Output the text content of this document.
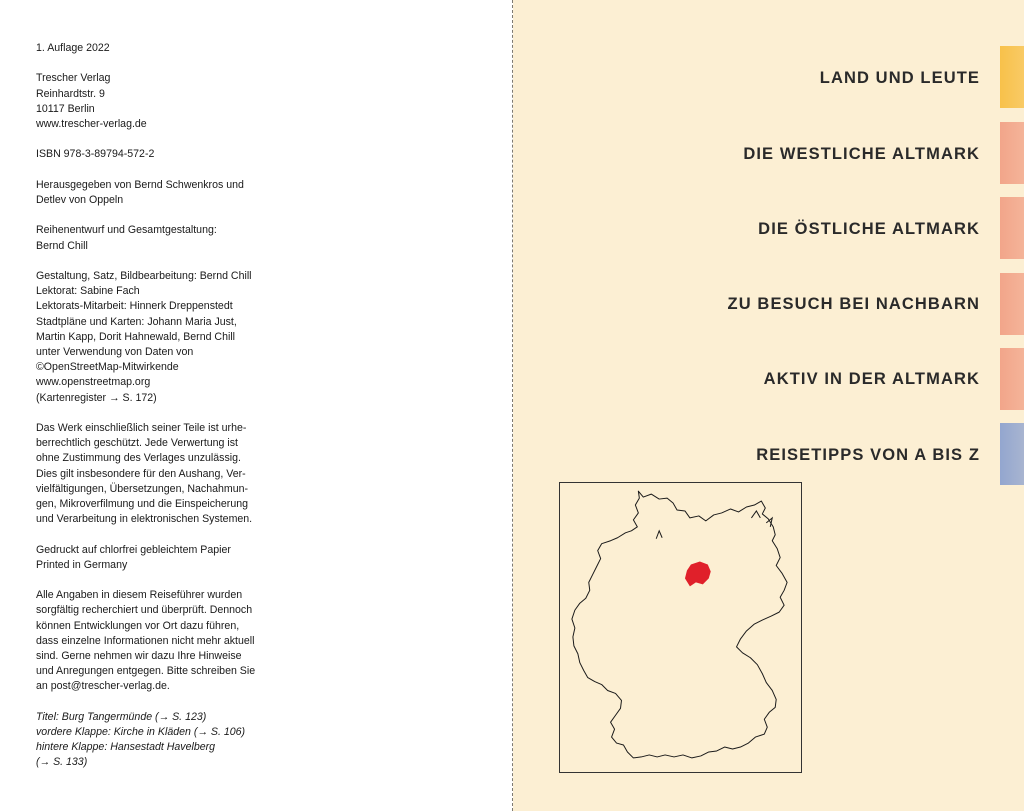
1. Auflage 2022

Trescher Verlag
Reinhardtstr. 9
10117 Berlin
www.trescher-verlag.de

ISBN 978-3-89794-572-2

Herausgegeben von Bernd Schwenkros und
Detlev von Oppeln

Reihenentwurf und Gesamtgestaltung:
Bernd Chill

Gestaltung, Satz, Bildbearbeitung: Bernd Chill
Lektorat: Sabine Fach
Lektorats-Mitarbeit: Hinnerk Dreppenstedt
Stadtpläne und Karten: Johann Maria Just,
Martin Kapp, Dorit Hahnewald, Bernd Chill
unter Verwendung von Daten von
©OpenStreetMap-Mitwirkende
www.openstreetmap.org
(Kartenregister → S. 172)

Das Werk einschließlich seiner Teile ist urhe-
berrechtlich geschützt. Jede Verwertung ist
ohne Zustimmung des Verlages unzulässig.
Dies gilt insbesondere für den Aushang, Ver-
vielfältigungen, Übersetzungen, Nachahmun-
gen, Mikroverfilmung und die Einspeicherung
und Verarbeitung in elektronischen Systemen.

Gedruckt auf chlorfrei gebleichtem Papier
Printed in Germany

Alle Angaben in diesem Reiseführer wurden
sorgfältig recherchiert und überprüft. Dennoch
können Entwicklungen vor Ort dazu führen,
dass einzelne Informationen nicht mehr aktuell
sind. Gerne nehmen wir dazu Ihre Hinweise
und Anregungen entgegen. Bitte schreiben Sie
an post@trescher-verlag.de.

Titel: Burg Tangermünde (→ S. 123)
vordere Klappe: Kirche in Kläden (→ S. 106)
hintere Klappe: Hansestadt Havelberg
(→ S. 133)

LAND UND LEUTE
DIE WESTLICHE ALTMARK
DIE ÖSTLICHE ALTMARK
ZU BESUCH BEI NACHBARN
AKTIV IN DER ALTMARK
REISETIPPS VON A BIS Z
